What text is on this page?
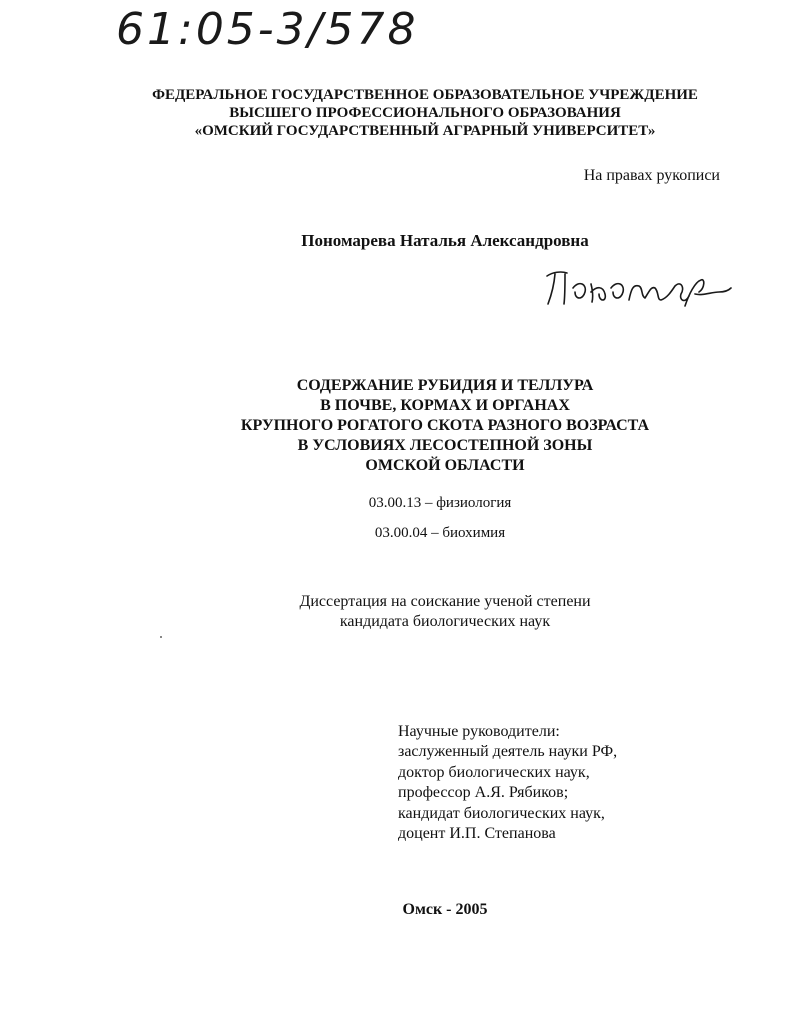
61:05-3/578
ФЕДЕРАЛЬНОЕ ГОСУДАРСТВЕННОЕ ОБРАЗОВАТЕЛЬНОЕ УЧРЕЖДЕНИЕ
ВЫСШЕГО ПРОФЕССИОНАЛЬНОГО ОБРАЗОВАНИЯ
«ОМСКИЙ ГОСУДАРСТВЕННЫЙ АГРАРНЫЙ УНИВЕРСИТЕТ»
На правах рукописи
Пономарева Наталья Александровна
СОДЕРЖАНИЕ РУБИДИЯ И ТЕЛЛУРА
В ПОЧВЕ, КОРМАХ И ОРГАНАХ
КРУПНОГО РОГАТОГО СКОТА РАЗНОГО ВОЗРАСТА
В УСЛОВИЯХ ЛЕСОСТЕПНОЙ ЗОНЫ
ОМСКОЙ ОБЛАСТИ
03.00.13 – физиология
03.00.04 – биохимия
Диссертация на соискание ученой степени
кандидата биологических наук
Научные руководители:
заслуженный деятель науки РФ,
доктор биологических наук,
профессор А.Я. Рябиков;
кандидат биологических наук,
доцент И.П. Степанова
Омск - 2005
